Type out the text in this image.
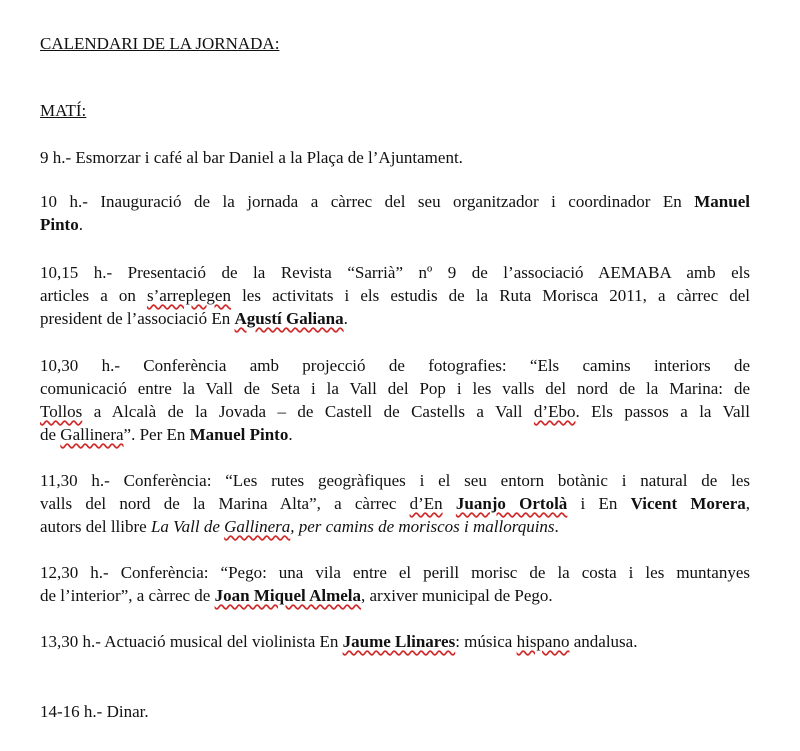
CALENDARI DE LA JORNADA:
MATÍ:

9 h.- Esmorzar i café al bar Daniel a la Plaça de l’Ajuntament.

10 h.- Inauguració de la jornada a càrrec del seu organitzador i coordinador En Manuel
Pinto.

10,15 h.- Presentació de la Revista “Sarrià” nº 9 de l’associació AEMABA amb els
articles a on s’arreplegen les activitats i els estudis de la Ruta Morisca 2011, a càrrec del
president de l’associació En Agustí Galiana.

10,30 h.- Conferència amb projecció de fotografies: “Els camins interiors de
comunicació entre la Vall de Seta i la Vall del Pop i les valls del nord de la Marina: de
Tollos a Alcalà de la Jovada – de Castell de Castells a Vall d’Ebo. Els passos a la Vall
de Gallinera”. Per En Manuel Pinto.

11,30 h.- Conferència: “Les rutes geogràfiques i el seu entorn botànic i natural de les
valls del nord de la Marina Alta”, a càrrec d’En Juanjo Ortolà i En Vicent Morera,
autors del llibre La Vall de Gallinera, per camins de moriscos i mallorquins.

12,30 h.- Conferència: “Pego: una vila entre el perill morisc de la costa i les muntanyes
de l’interior”, a càrrec de Joan Miquel Almela, arxiver municipal de Pego.

13,30 h.- Actuació musical del violinista En Jaume Llinares: música hispano andalusa.

14-16 h.- Dinar.
